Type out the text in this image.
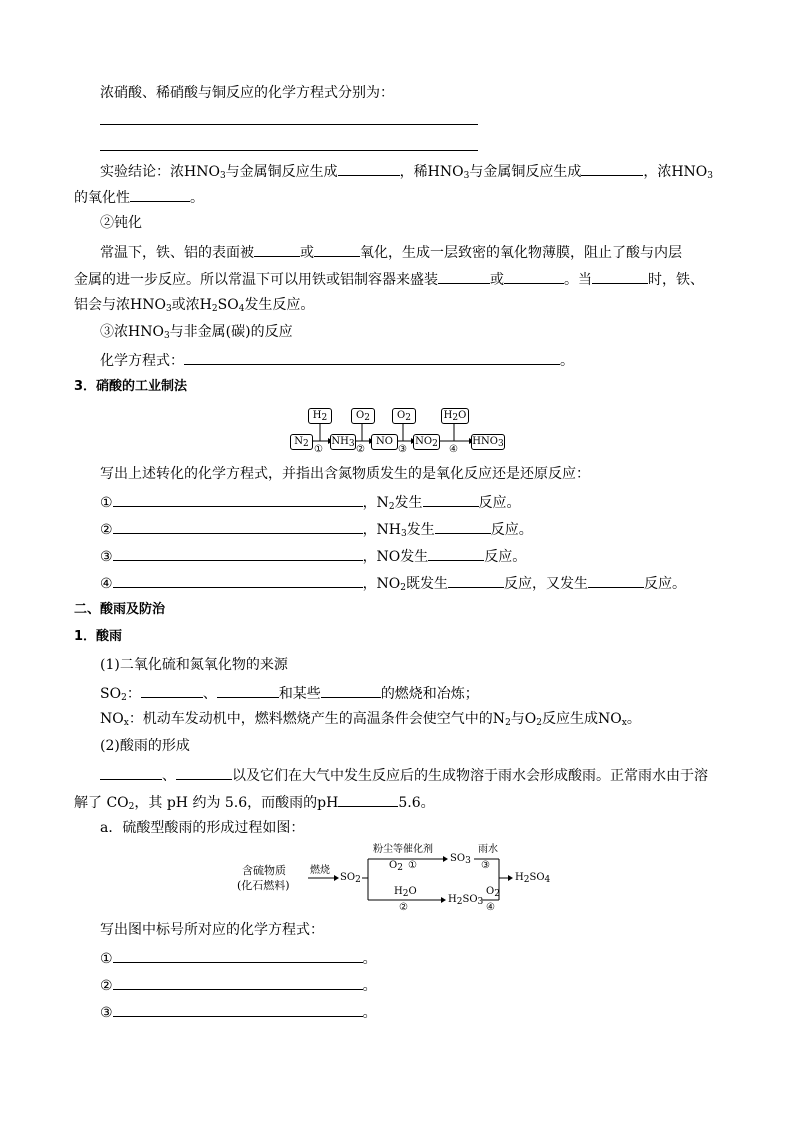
浓硝酸、稀硝酸与铜反应的化学方程式分别为：
实验结论：浓$HNO_3$与金属铜反应生成	，稀$HNO_3$与金属铜反应生成	，浓$HNO_3$
的氧化性	。
②钝化
常温下，铁、铝的表面被	或	氧化，生成一层致密的氧化物薄膜，阻止了酸与内层
金属的进一步反应。所以常温下可以用铁或铝制容器来盛装	或	。当	时，铁、
铝会与浓$HNO_3$或浓$H_2SO_4$发生反应。
③浓$HNO_3$与非金属(碳)的反应
化学方程式：	。
3．硝酸的工业制法
$H_2$	$O_2$	$O_2$	$H_2O$
$N_2$	$NH_3$	NO	$NO_2$	$HNO_3$
①	②	③	④
写出上述转化的化学方程式，并指出含氮物质发生的是氧化反应还是还原反应：
①	，$N_2$发生	反应。
②	，$NH_3$发生	反应。
③	，NO发生	反应。
④	，$NO_2$既发生	反应，又发生	反应。
二、酸雨及防治
1．酸雨
(1)二氧化硫和氮氧化物的来源
$SO_2$：	、	和某些	的燃烧和冶炼；
$NO_x$：机动车发动机中，燃料燃烧产生的高温条件会使空气中的$N_2$与$O_2$反应生成$NO_x$。
(2)酸雨的形成
、	以及它们在大气中发生反应后的生成物溶于雨水会形成酸雨。正常雨水由于溶
解了 $CO_2$，其 pH 约为 5.6，而酸雨的pH	5.6。
a．硫酸型酸雨的形成过程如图：
含硫物质
(化石燃料)
燃烧
$SO_2$
粉尘等催化剂
$O_2$ ①
$SO_3$
雨水
③
$H_2SO_4$
$H_2O$
②
$H_2SO_3$
$O_2$
④
写出图中标号所对应的化学方程式：
①	。
②	。
③	。
